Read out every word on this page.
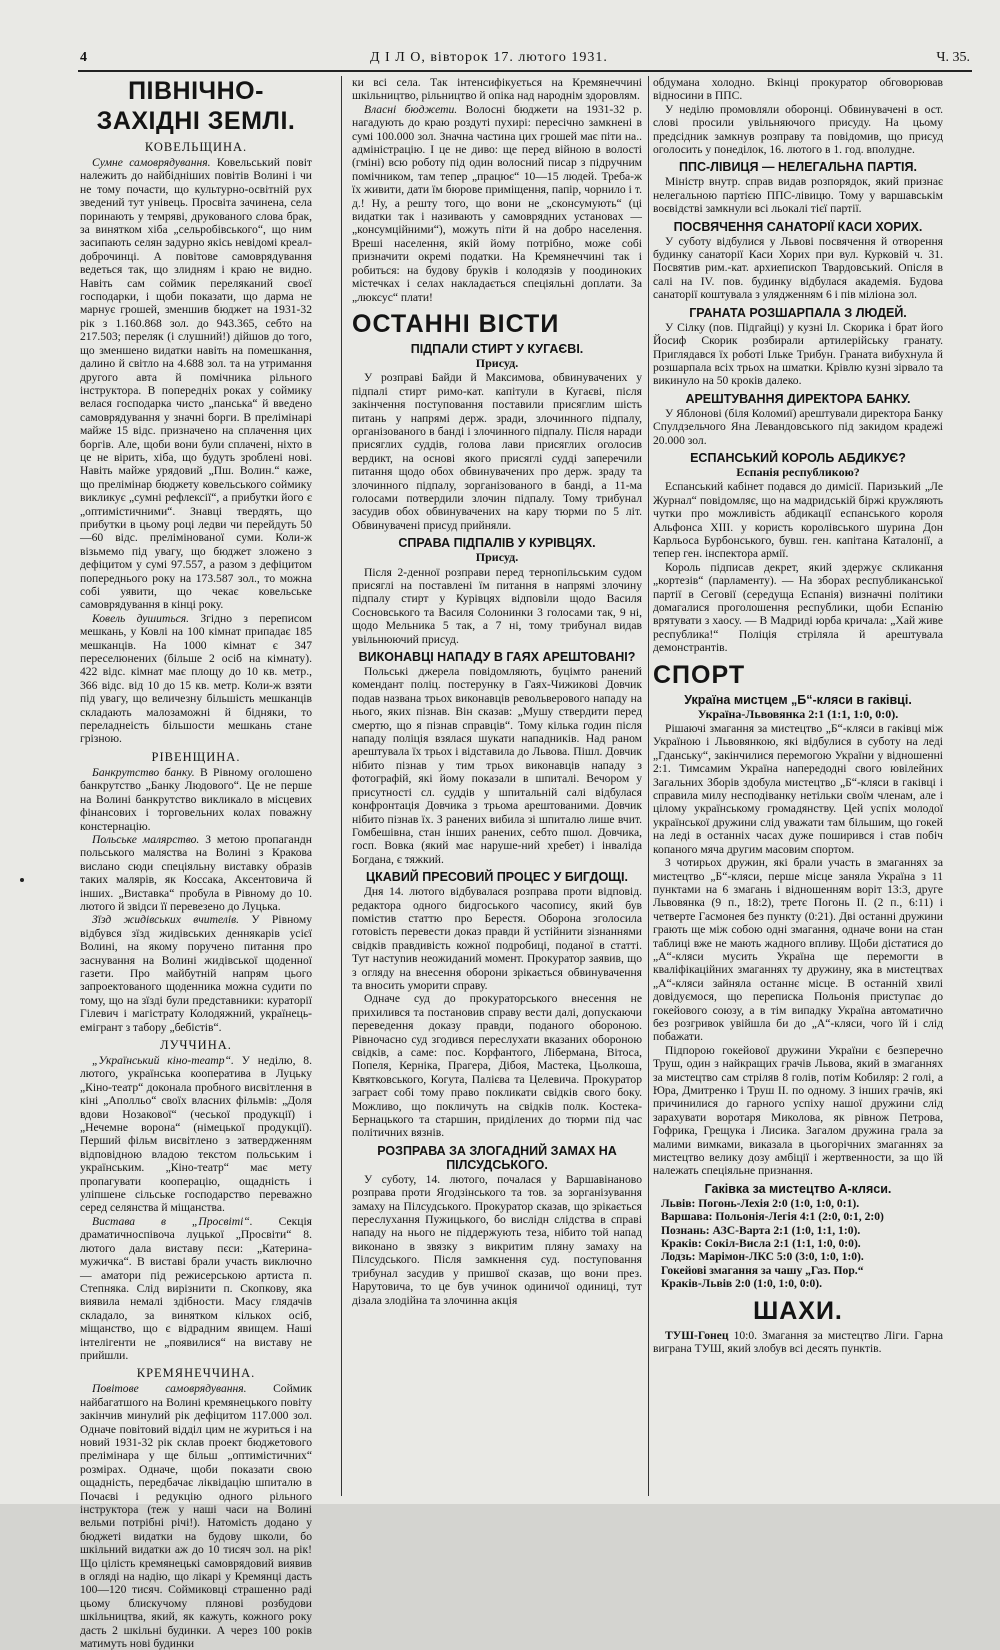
4	Д І Л О, вівторок 17. лютого 1931.	Ч. 35.
ПІВНІЧНО-ЗАХІДНІ ЗЕМЛІ.
КОВЕЛЬЩИНА.

Сумне самоврядування. Ковельський повіт належить до найбідніших повітів Волині і чи не тому почасти, що культурно-освітній рух зведений тут унівець. Просвіта зачинена, села поринають у темряві, друкованого слова брак, за винятком хіба „сельробівського“, що ним засипають селян задурно якісь невідомі креал-доброчинці. А повітове самоврядування ведеться так, що злидням і краю не видно. Навіть сам соймик переляканий своєї господарки, і щоби показати, що дарма не марнує грошей, зменшив бюджет на 1931-32 рік з 1.160.868 зол. до 943.365, себто на 217.503; переляк (і слушний!) дійшов до того, що зменшено видатки навіть на помешкання, далино й світло на 4.688 зол. та на утримання другого авта й помічника рільного інструктора. В попередніх роках у соймику велася господарка чисто „панська“ й введено самоврядування у значні борги. В прелімінарі майже 15 відс. призначено на сплачення цих боргів. Але, щоби вони були сплачені, ніхто в це не вірить, хіба, що будуть зроблені нові. Навіть майже урядовий „Пш. Волин.“ каже, що прелімінар бюджету ковельського соймику викликує „сумні рефлексії“, а прибутки його є „оптимістичними“. Знавці твердять, що прибутки в цьому році ледви чи перейдуть 50—60 відс. прелімінованої суми. Коли-ж візьмемо під увагу, що бюджет зложено з дефіцитом у сумі 97.557, а разом з дефіцитом попереднього року на 173.587 зол., то можна собі уявити, що чекає ковельське самоврядування в кінці року.

Ковель душиться. Згідно з переписом мешкань, у Ковлі на 100 кімнат припадає 185 мешканців. На 1000 кімнат є 347 переселюнених (більше 2 осіб на кімнату). 422 відс. кімнат має площу до 10 кв. метр., 366 відс. від 10 до 15 кв. метр. Коли-ж взяти під увагу, що величезну більшість мешканців складають малозаможні й бідняки, то переладнеість більшости мешкань стане грізною.

РІВЕНЩИНА.

Банкрутство банку. В Рівному оголошено банкрутство „Банку Людового“. Це не перше на Волині банкрутство викликало в місцевих фінансових і торговельних колах поважну констернацію.

Польське малярство. З метою пропагандн польського маляства на Волині з Кракова вислано сюди спеціяльну виставку образів таких малярів, як Коссака, Аксентовича й інших. „Виставка“ пробула в Рівному до 10. лютого й звідси її перевезено до Луцька.

Зїзд жидівських вчителів. У Рівному відбувся зїзд жидівських деннякарів усієї Волині, на якому поручено питання про заснування на Волині жидівської щоденної газети. Про майбутній напрям цього запроектованого щоденника можна судити по тому, що на зїзді були представники: кураторії Гілевич і магістрату Колодяжний, українець-емігрант з табору „бебістів“.

ЛУЧЧИНА.

„Український кіно-театр“. У неділю, 8. лютого, українська кооператива в Луцьку „Кіно-театр“ доконала пробного висвітлення в кіні „Аполльо“ своїх власних фільмів: „Доля вдови Нозакової“ (чеської продукції) і „Нечемне ворона“ (німецької продукції). Перший фільм висвітлено з затвердженням відповідною владою текстом польським і українським. „Кіно-театр“ має мету пропагувати кооперацію, ощадність і уліпшене сільське господарство переважно серед селянства й міщанства.

Вистава в „Просвіті“. Секція драматичноспівоча луцької „Просвіти“ 8. лютого дала виставу пєси: „Катерина-мужичка“. В виставі брали участь виключно — аматори під режисерською артиста п. Степняка. Слід вирізнити п. Скопкову, яка виявила немалі здібности. Масу глядачів складало, за винятком кількох осіб, міщанство, що є відрадним явищем. Нашi інтелігенти не „появилися“ на виставу не прийшли.

КРЕМЯНЕЧЧИНА.

Повітове самоврядування. Соймик найбагатшого на Волині кремянецького повіту закінчив минулий рік дефіцитом 117.000 зол. Одначе повітовий відділ цим не журиться і на новий 1931-32 рік склав проект бюджетового прелімінара у ще більш „оптимістичних“ розмірах. Одначе, щоби показати свою ощадність, передбачає ліквідацію шпиталю в Почаєві і редукцію одного рільного інструктора (теж у наші часи на Волині вельми потрібні річі!). Натомість додано у бюджеті видатки на будову школи, бо шкільний видатки аж до 10 тисяч зол. на рік! Що цілість кремянецькі самоврядовий виявив в огляді на надію, що лікарі у Кремянці дасть 100—120 тисяч. Соймиковці страшенно раді цьому блискучому плянові розбудови шкільництва, який, як кажуть, кожного року дасть 2 шкільні будинки. А через 100 років матимуть нові будинки

ки всі села. Так інтенсифікується на Кремянеччині шкільництво, рільництво й опіка над народнім здоровлям.

Власні бюджети. Волосні бюджети на 1931-32 р. нагадують до краю роздуті пухирі: пересічно замкнені в сумі 100.000 зол. Значна частина цих грошей має піти на.. адміністрацію. І це не диво: ще перед війною в волості (гміні) всю роботу під один волосний писар з підручним помічником, там тепер „працює“ 10—15 людей. Треба-ж їх живити, дати їм бюрове приміщення, папір, чорнило і т. д.! Ну, а решту того, що вони не „сконсумують“ (ці видатки так і називають у самоврядних установах — „консумційними“), можуть піти й на добро населення. Вреші населення, якій йому потрібно, може собі призначити окремі податки. На Кремянеччині так і робиться: на будову бруків і колодязів у поодиноких містечках і селах накладається спеціяльні доплати. За „люксус“ плати!

ОСТАННІ ВІСТИ
ПІДПАЛИ СТИРТ У КУГАЄВІ.
Присуд.

У розправі Байди й Максимова, обвинувачених у підпалі стирт римо-кат. капітули в Кугаєві, після закінчення поступовання поставили присяглим шість питань у напрямі держ. зради, злочинного підпалу, організованого в банді і злочинного підпалу. Після наради присяглих суддів, голова лави присяглих оголосив вердикт, на основі якого присяглі судді заперечили питання щодо обох обвинувачених про держ. зраду та злочинного підпалу, зорганізованого в банді, а 11-ма голосами потвердили злочин підпалу. Тому трибунал засудив обох обвинувачених на кару тюрми по 5 літ. Обвинувачені присуд прийняли.

СПРАВА ПІДПАЛІВ У КУРІВЦЯХ.
Присуд.

Після 2-денної розправи перед тернопільським судом присяглі на поставлені їм питання в напрямі злочину підпалу стирт у Курівцях відповіли щодо Василя Сосновського та Василя Солонинки 3 голосами так, 9 ні, щодо Мельника 5 так, а 7 ні, тому трибунал видав увільнюючий присуд.

ВИКОНАВЦІ НАПАДУ В ГАЯХ АРЕШТОВАНІ?

Польські джерела повідомляють, буцімто ранений комендант поліц. постерунку в Гаях-Чижикові Довчик подав названа трьох виконавців револьверового нападу на нього, яких пізнав. Він сказав: „Мушу ствердити перед смертю, що я пізнав справців“. Тому кілька годин після нападу поліція взялася шукати нападників. Над раном арештувала їх трьох і відставила до Львова. Пішл. Довчик нібито пізнав у тим трьох виконавців нападу з фотографій, які йому показали в шпиталі. Вечором у присутності сл. суддів у шпитальній салі відбулася конфронтація Довчика з трьома арештованими. Довчик нібито пізнав їх. З ранених вибила зі шпиталю лише вчит. Гомбешівна, стан інших ранених, себто пшол. Довчика, госп. Вовка (який має наруше-ний хребет) і інваліда Богдана, є тяжкий.

ЦКАВИЙ ПРЕСОВИЙ ПРОЦЕС У БИГДОЩІ.

Дня 14. лютого відбувалася розправа проти відповід. редактора одного бидгоського часопису, який був помістив статтю про Берестя. Оборона зголосила готовість перевести доказ правди й устійнити зізнаннями свідків правдивість кожної подробиці, поданої в статті. Тут настуnив неожиданий момент. Прокуратор заявив, що з огляду на внесення оборони зрікається обвинувачення та вносить уморити справу.

Одначе суд до прокураторського внесення не прихилився та постановив справу вести далі, допускаючи переведення доказу правди, поданого обороною. Рівночасно суд згодився переслухати вказаних обороною свідків, а саме: пос. Корфантого, Ліберманa, Вітоса, Попеля, Керніка, Прагера, Дібоя, Мастека, Цьолкоша, Квятковського, Когута, Палієва та Целевича. Прокуратор заграєт собі тому право покликати свідків свого боку. Можливо, що покличуть на свідків полк. Костека-Бернацького та старшин, приділених до тюрми під час політичних вязнів.

РОЗПРАВА ЗА ЗЛОГАДНИЙ ЗАМАХ НА ПІЛСУДСЬКОГО.

У суботу, 14. лютого, почалася у Варшавінаново розправа проти Ягодзінського та тов. за зорганізування замаху на Пілсудського. Прокуратор сказав, що зрікається переслухання Пужицького, бо вислідн слідства в справі нападу на нього не піддержують теза, нібито той напад виконано в звязку з викритим пляну замаху на Пілсудського. Після замкнення суд. поступовання трибунал засудив у пришвої сказав, що вони през. Нарутовича, то це був учинок одиничої одиниці, тут дізала злодійна та злочинна акція

обдумана холодно. Вкінці прокуратор обговорював відносини в ППС.

У неділю промовляли оборонці. Обвинувачені в ост. слові просили увільняючого присуду. На цьому предсідник замкнув розправу та повідомив, що присуд оголосить у понеділок, 16. лютого в 1. год. вполудне.

ППС-ЛІВИЦЯ — НЕЛЕГАЛЬНА ПАРТІЯ.

Міністр внутр. справ видав розпорядок, який признає нелегальною партією ППС-лівицю. Тому у варшавськім воєвідстві замкнули всі льокалі тієї партії.

ПОСВЯЧЕННЯ САНАТОРІЇ КАСИ ХОРИХ.

У суботу відбулися у Львові посвячення й отворення будинку санаторії Каси Хорих при вул. Курковій ч. 31. Посвятив рим.-кат. архиепископ Твардовський. Опісля в салі на IV. пов. будинку відбулася академія. Будова санаторії коштувала з улядженням 6 і пів міліона зол.

ГРАНАТА РОЗШАРПАЛА З ЛЮДЕЙ.

У Сілку (пов. Підгайці) у кузні Іл. Скорика і брат його Йосиф Скорик розбирали артилерійську гранату. Приглядався їх роботі Ільке Трибун. Граната вибухнула й розшарпала всіх трьох на шматки. Крівлю кузні зірвало та викинуло на 50 кроків далеко.

АРЕШТУВАННЯ ДИРЕКТОРА БАНКУ.

У Яблонові (біля Коломиї) арештували директора Банку Спулдзельчого Яна Левандовського під закидом крадежі 20.000 зол.

ЕСПАНСЬКИЙ КОРОЛЬ АБДИКУЄ?
Еспанія республикою?

Еспанський кабінет подався до димісії. Паризький „Ле Журнал“ повідомляє, що на мадридській біржі кружляють чутки про можливість абдикації еспанського короля Альфонса XIII. у користь королівського шурина Дон Карльоса Бурбонського, бувш. ген. капітана Каталонії, а тепер ген. інспектора армії.

Король підписав декрет, який здержує скликання „кортезів“ (парламенту). — На зборах республиканської партії в Сеговії (середуща Еспанія) визначні політики домагалися проголошення республики, щоби Еспанію врятувати з хаосу. — В Мадриді юрба кричала: „Хай живе республика!“ Поліція стріляла й арештувала демонстрантів.

СПОРТ
Україна мистцем „Б“-кляси в гаківці.
Україна-Львовянка 2:1 (1:1, 1:0, 0:0).

Рішаючі змагання за мистецтво „Б“-кляси в гаківці між Україною і Львовянкою, які відбулися в суботу на леді „Гданську“, закінчилися перемогою України у відношенні 2:1. Тимсамим Україна напередодні свого ювілейних Загальних Зборів здобула мистецтво „Б“-кляси в гаківці і справила милу несподіванку нетільки своїм членам, але і цілому українському громадянству. Цей успіх молодої української дружини слід уважати там більшим, що гокей на леді в останніх часах дуже поширився і став побіч копаного мяча другим масовим спортом.

З чотирьох дружин, які брали участь в змаганнях за мистецтво „Б“-кляси, перше місце заняла Україна з 11 пунктами на 6 змагань і відношенням воріт 13:3, друге Львовянка (9 п., 18:2), третє Погонь II. (2 п., 6:11) і четверте Гасмонея без пунктy (0:21). Дві останні дружини грають ще між собою одні змагання, одначе вони на стан таблиці вже не мають жадного впливу. Щоби дістатися до „А“-кляси мусить Україна ще перемогти в кваліфікаційних змаганнях ту дружину, яка в мистецтвах „А“-кляси зайняла останнє місце. В останній хвилі довідуємося, що переписка Польонія приступає до гокейового союзу, а в тім випадку Україна автоматично без розгривок увійшла би до „А“-кляси, чого їй і слід побажати.

Підпорою гокейової дружини України є безперечно Труш, один з найкращих грачів Львова, який в змаганнях за мистецтво сам стріляв 8 голів, потім Кобиляр: 2 голі, а Юра, Дмитренко і Труш II. по одному. З інших грачів, які причинилися до гарного успіху нашої дружини слід зарахувати воротаря Миколова, як рівнож Петрова, Гофрика, Грещука і Лисика. Загалом дружина грала за малими вимками, виказала в цьогорічних змаганнях за мистецтво велику дозу амбіції і жертвенности, за що їй належать спеціяльне признання.

Гаківка за мистецтво А-кляси.

Львів: Погонь-Лехія 2:0 (1:0, 1:0, 0:1).

Варшава: Польонія-Легія 4:1 (2:0, 0:1, 2:0)

Познань: АЗС-Варта 2:1 (1:0, 1:1, 1:0).

Краків: Сокіл-Висла 2:1 (1:1, 1:0, 0:0).

Лодзь: Марімон-ЛКС 5:0 (3:0, 1:0, 1:0).

Гокейові змагання за чашу „Газ. Пор.“

Краків-Львів 2:0 (1:0, 1:0, 0:0).

ШАХИ.

ТУШ-Гонец 10:0. Змагання за мистецтво Ліги. Гарна виграна ТУШ, який злобув всі десять пунктів.
